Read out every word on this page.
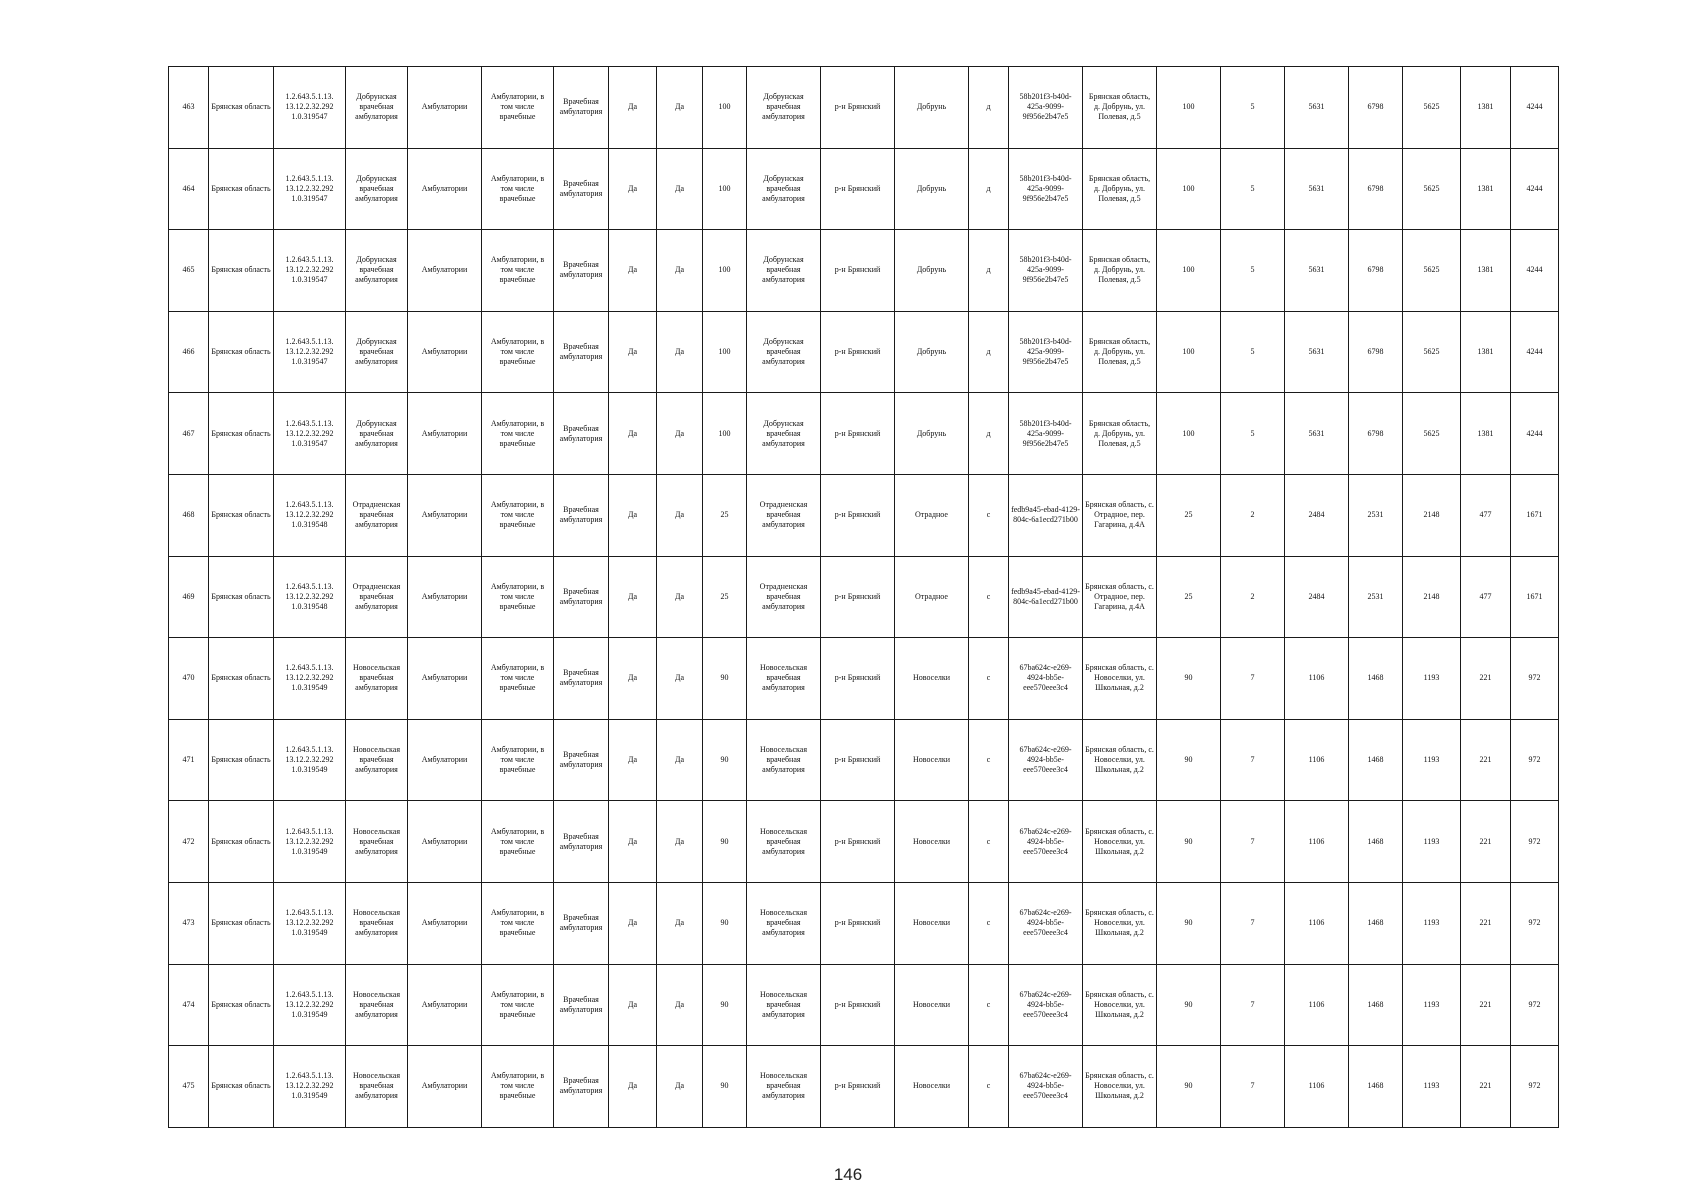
463	Брянская область	1.2.643.5.1.13. 13.12.2.32.292 1.0.319547	Добрунская врачебная амбулатория	Амбулатории	Амбулатории, в том числе врачебные	Врачебная амбулатория	Да	Да	100	Добрунская врачебная амбулатория	р-н Брянский	Добрунь	д	58b201f3-b40d-425a-9099-9f956e2b47e5	Брянская область, д. Добрунь, ул. Полевая, д.5	100	5	5631	6798	5625	1381	4244
464	Брянская область	1.2.643.5.1.13. 13.12.2.32.292 1.0.319547	Добрунская врачебная амбулатория	Амбулатории	Амбулатории, в том числе врачебные	Врачебная амбулатория	Да	Да	100	Добрунская врачебная амбулатория	р-н Брянский	Добрунь	д	58b201f3-b40d-425a-9099-9f956e2b47e5	Брянская область, д. Добрунь, ул. Полевая, д.5	100	5	5631	6798	5625	1381	4244
465	Брянская область	1.2.643.5.1.13. 13.12.2.32.292 1.0.319547	Добрунская врачебная амбулатория	Амбулатории	Амбулатории, в том числе врачебные	Врачебная амбулатория	Да	Да	100	Добрунская врачебная амбулатория	р-н Брянский	Добрунь	д	58b201f3-b40d-425a-9099-9f956e2b47e5	Брянская область, д. Добрунь, ул. Полевая, д.5	100	5	5631	6798	5625	1381	4244
466	Брянская область	1.2.643.5.1.13. 13.12.2.32.292 1.0.319547	Добрунская врачебная амбулатория	Амбулатории	Амбулатории, в том числе врачебные	Врачебная амбулатория	Да	Да	100	Добрунская врачебная амбулатория	р-н Брянский	Добрунь	д	58b201f3-b40d-425a-9099-9f956e2b47e5	Брянская область, д. Добрунь, ул. Полевая, д.5	100	5	5631	6798	5625	1381	4244
467	Брянская область	1.2.643.5.1.13. 13.12.2.32.292 1.0.319547	Добрунская врачебная амбулатория	Амбулатории	Амбулатории, в том числе врачебные	Врачебная амбулатория	Да	Да	100	Добрунская врачебная амбулатория	р-н Брянский	Добрунь	д	58b201f3-b40d-425a-9099-9f956e2b47e5	Брянская область, д. Добрунь, ул. Полевая, д.5	100	5	5631	6798	5625	1381	4244
468	Брянская область	1.2.643.5.1.13. 13.12.2.32.292 1.0.319548	Отрадненская врачебная амбулатория	Амбулатории	Амбулатории, в том числе врачебные	Врачебная амбулатория	Да	Да	25	Отрадненская врачебная амбулатория	р-н Брянский	Отрадное	с	fedb9a45-ebad-4129-804c-6a1ecd271b00	Брянская область, с. Отрадное, пер. Гагарина, д.4А	25	2	2484	2531	2148	477	1671
469	Брянская область	1.2.643.5.1.13. 13.12.2.32.292 1.0.319548	Отрадненская врачебная амбулатория	Амбулатории	Амбулатории, в том числе врачебные	Врачебная амбулатория	Да	Да	25	Отрадненская врачебная амбулатория	р-н Брянский	Отрадное	с	fedb9a45-ebad-4129-804c-6a1ecd271b00	Брянская область, с. Отрадное, пер. Гагарина, д.4А	25	2	2484	2531	2148	477	1671
470	Брянская область	1.2.643.5.1.13. 13.12.2.32.292 1.0.319549	Новосельская врачебная амбулатория	Амбулатории	Амбулатории, в том числе врачебные	Врачебная амбулатория	Да	Да	90	Новосельская врачебная амбулатория	р-н Брянский	Новоселки	с	67ba624c-e269-4924-bb5e-eee570eee3c4	Брянская область, с. Новоселки, ул. Школьная, д.2	90	7	1106	1468	1193	221	972
471	Брянская область	1.2.643.5.1.13. 13.12.2.32.292 1.0.319549	Новосельская врачебная амбулатория	Амбулатории	Амбулатории, в том числе врачебные	Врачебная амбулатория	Да	Да	90	Новосельская врачебная амбулатория	р-н Брянский	Новоселки	с	67ba624c-e269-4924-bb5e-eee570eee3c4	Брянская область, с. Новоселки, ул. Школьная, д.2	90	7	1106	1468	1193	221	972
472	Брянская область	1.2.643.5.1.13. 13.12.2.32.292 1.0.319549	Новосельская врачебная амбулатория	Амбулатории	Амбулатории, в том числе врачебные	Врачебная амбулатория	Да	Да	90	Новосельская врачебная амбулатория	р-н Брянский	Новоселки	с	67ba624c-e269-4924-bb5e-eee570eee3c4	Брянская область, с. Новоселки, ул. Школьная, д.2	90	7	1106	1468	1193	221	972
473	Брянская область	1.2.643.5.1.13. 13.12.2.32.292 1.0.319549	Новосельская врачебная амбулатория	Амбулатории	Амбулатории, в том числе врачебные	Врачебная амбулатория	Да	Да	90	Новосельская врачебная амбулатория	р-н Брянский	Новоселки	с	67ba624c-e269-4924-bb5e-eee570eee3c4	Брянская область, с. Новоселки, ул. Школьная, д.2	90	7	1106	1468	1193	221	972
474	Брянская область	1.2.643.5.1.13. 13.12.2.32.292 1.0.319549	Новосельская врачебная амбулатория	Амбулатории	Амбулатории, в том числе врачебные	Врачебная амбулатория	Да	Да	90	Новосельская врачебная амбулатория	р-н Брянский	Новоселки	с	67ba624c-e269-4924-bb5e-eee570eee3c4	Брянская область, с. Новоселки, ул. Школьная, д.2	90	7	1106	1468	1193	221	972
475	Брянская область	1.2.643.5.1.13. 13.12.2.32.292 1.0.319549	Новосельская врачебная амбулатория	Амбулатории	Амбулатории, в том числе врачебные	Врачебная амбулатория	Да	Да	90	Новосельская врачебная амбулатория	р-н Брянский	Новоселки	с	67ba624c-e269-4924-bb5e-eee570eee3c4	Брянская область, с. Новоселки, ул. Школьная, д.2	90	7	1106	1468	1193	221	972
146
